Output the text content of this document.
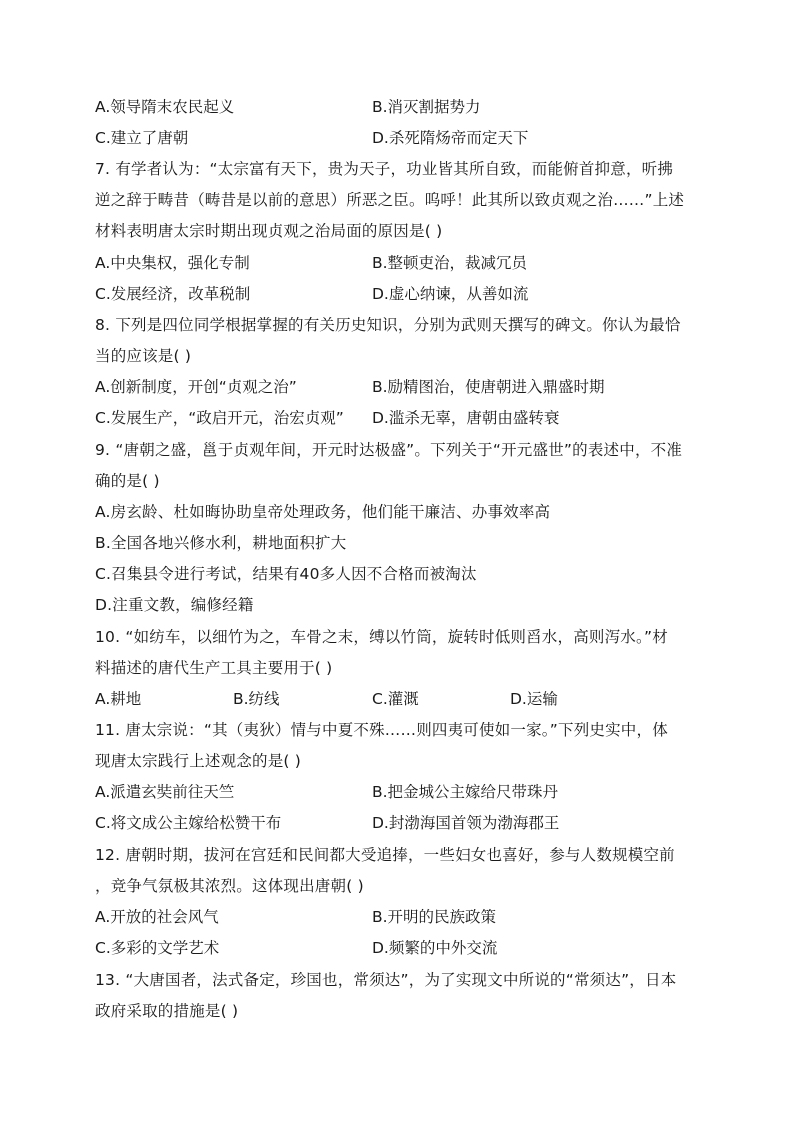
A.领导隋末农民起义	B.消灭割据势力
C.建立了唐朝	D.杀死隋炀帝而定天下
7. 有学者认为：“太宗富有天下，贵为天子，功业皆其所自致，而能俯首抑意，听拂
逆之辞于畴昔（畴昔是以前的意思）所恶之臣。呜呼！此其所以致贞观之治……”上述
材料表明唐太宗时期出现贞观之治局面的原因是( )
A.中央集权，强化专制	B.整顿吏治，裁减冗员
C.发展经济，改革税制	D.虚心纳谏，从善如流
8. 下列是四位同学根据掌握的有关历史知识，分别为武则天撰写的碑文。你认为最恰
当的应该是( )
A.创新制度，开创“贞观之治”	B.励精图治，使唐朝进入鼎盛时期
C.发展生产，“政启开元，治宏贞观” D.滥杀无辜，唐朝由盛转衰
9. “唐朝之盛，邕于贞观年间，开元时达极盛”。下列关于“开元盛世”的表述中，不准
确的是( )
A.房玄龄、杜如晦协助皇帝处理政务，他们能干廉洁、办事效率高
B.全国各地兴修水利，耕地面积扩大
C.召集县令进行考试，结果有40多人因不合格而被淘汰
D.注重文教，编修经籍
10. “如纺车，以细竹为之，车骨之末，缚以竹筒，旋转时低则舀水，高则泻水。”材
料描述的唐代生产工具主要用于( )
A.耕地	B.纺线	C.灌溉	D.运输
11. 唐太宗说：“其（夷狄）情与中夏不殊……则四夷可使如一家。”下列史实中，体
现唐太宗践行上述观念的是( )
A.派遣玄奘前往天竺	B.把金城公主嫁给尺带珠丹
C.将文成公主嫁给松赞干布	D.封渤海国首领为渤海郡王
12. 唐朝时期，拔河在宫廷和民间都大受追捧，一些妇女也喜好，参与人数规模空前
，竞争气氛极其浓烈。这体现出唐朝( )
A.开放的社会风气	B.开明的民族政策
C.多彩的文学艺术	D.频繁的中外交流
13. “大唐国者，法式备定，珍国也，常须达”，为了实现文中所说的“常须达”，日本
政府采取的措施是( )
